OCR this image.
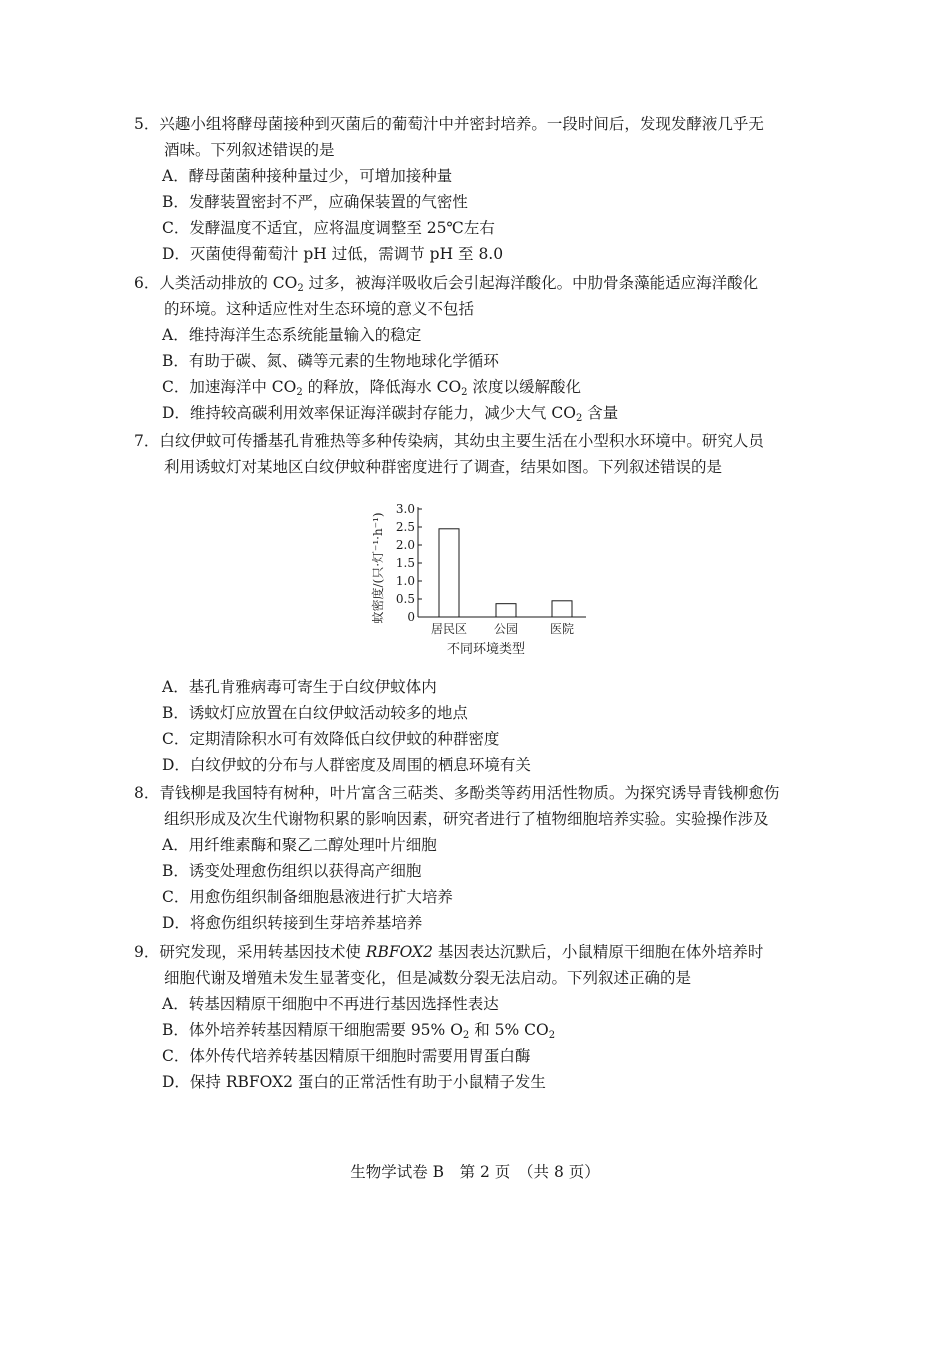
5．兴趣小组将酵母菌接种到灭菌后的葡萄汁中并密封培养。一段时间后，发现发酵液几乎无
酒味。下列叙述错误的是
A．酵母菌菌种接种量过少，可增加接种量
B．发酵装置密封不严，应确保装置的气密性
C．发酵温度不适宜，应将温度调整至 25℃左右
D．灭菌使得葡萄汁 pH 过低，需调节 pH 至 8.0
6．人类活动排放的 $CO_2$ 过多，被海洋吸收后会引起海洋酸化。中肋骨条藻能适应海洋酸化
的环境。这种适应性对生态环境的意义不包括
A．维持海洋生态系统能量输入的稳定
B．有助于碳、氮、磷等元素的生物地球化学循环
C．加速海洋中 $CO_2$ 的释放，降低海水 $CO_2$ 浓度以缓解酸化
D．维持较高碳利用效率保证海洋碳封存能力，减少大气 $CO_2$ 含量
7．白纹伊蚊可传播基孔肯雅热等多种传染病，其幼虫主要生活在小型积水环境中。研究人员
利用诱蚊灯对某地区白纹伊蚊种群密度进行了调查，结果如图。下列叙述错误的是
蚊密度/(只·灯⁻¹·h⁻¹) 0
0.5
1.0
1.5
2.0
2.5
3.0
居民区 公园	医院
不同环境类型
A．基孔肯雅病毒可寄生于白纹伊蚊体内
B．诱蚊灯应放置在白纹伊蚊活动较多的地点
C．定期清除积水可有效降低白纹伊蚊的种群密度
D．白纹伊蚊的分布与人群密度及周围的栖息环境有关
8．青钱柳是我国特有树种，叶片富含三萜类、多酚类等药用活性物质。为探究诱导青钱柳愈伤
组织形成及次生代谢物积累的影响因素，研究者进行了植物细胞培养实验。实验操作涉及
A．用纤维素酶和聚乙二醇处理叶片细胞
B．诱变处理愈伤组织以获得高产细胞
C．用愈伤组织制备细胞悬液进行扩大培养
D．将愈伤组织转接到生芽培养基培养
9．研究发现，采用转基因技术使 RBFOX2 基因表达沉默后，小鼠精原干细胞在体外培养时
细胞代谢及增殖未发生显著变化，但是减数分裂无法启动。下列叙述正确的是
A．转基因精原干细胞中不再进行基因选择性表达
B．体外培养转基因精原干细胞需要 95% $O_2$ 和 5% $CO_2$
C．体外传代培养转基因精原干细胞时需要用胃蛋白酶
D．保持 RBFOX2 蛋白的正常活性有助于小鼠精子发生
生物学试卷 B　第 2 页　（共 8 页）
